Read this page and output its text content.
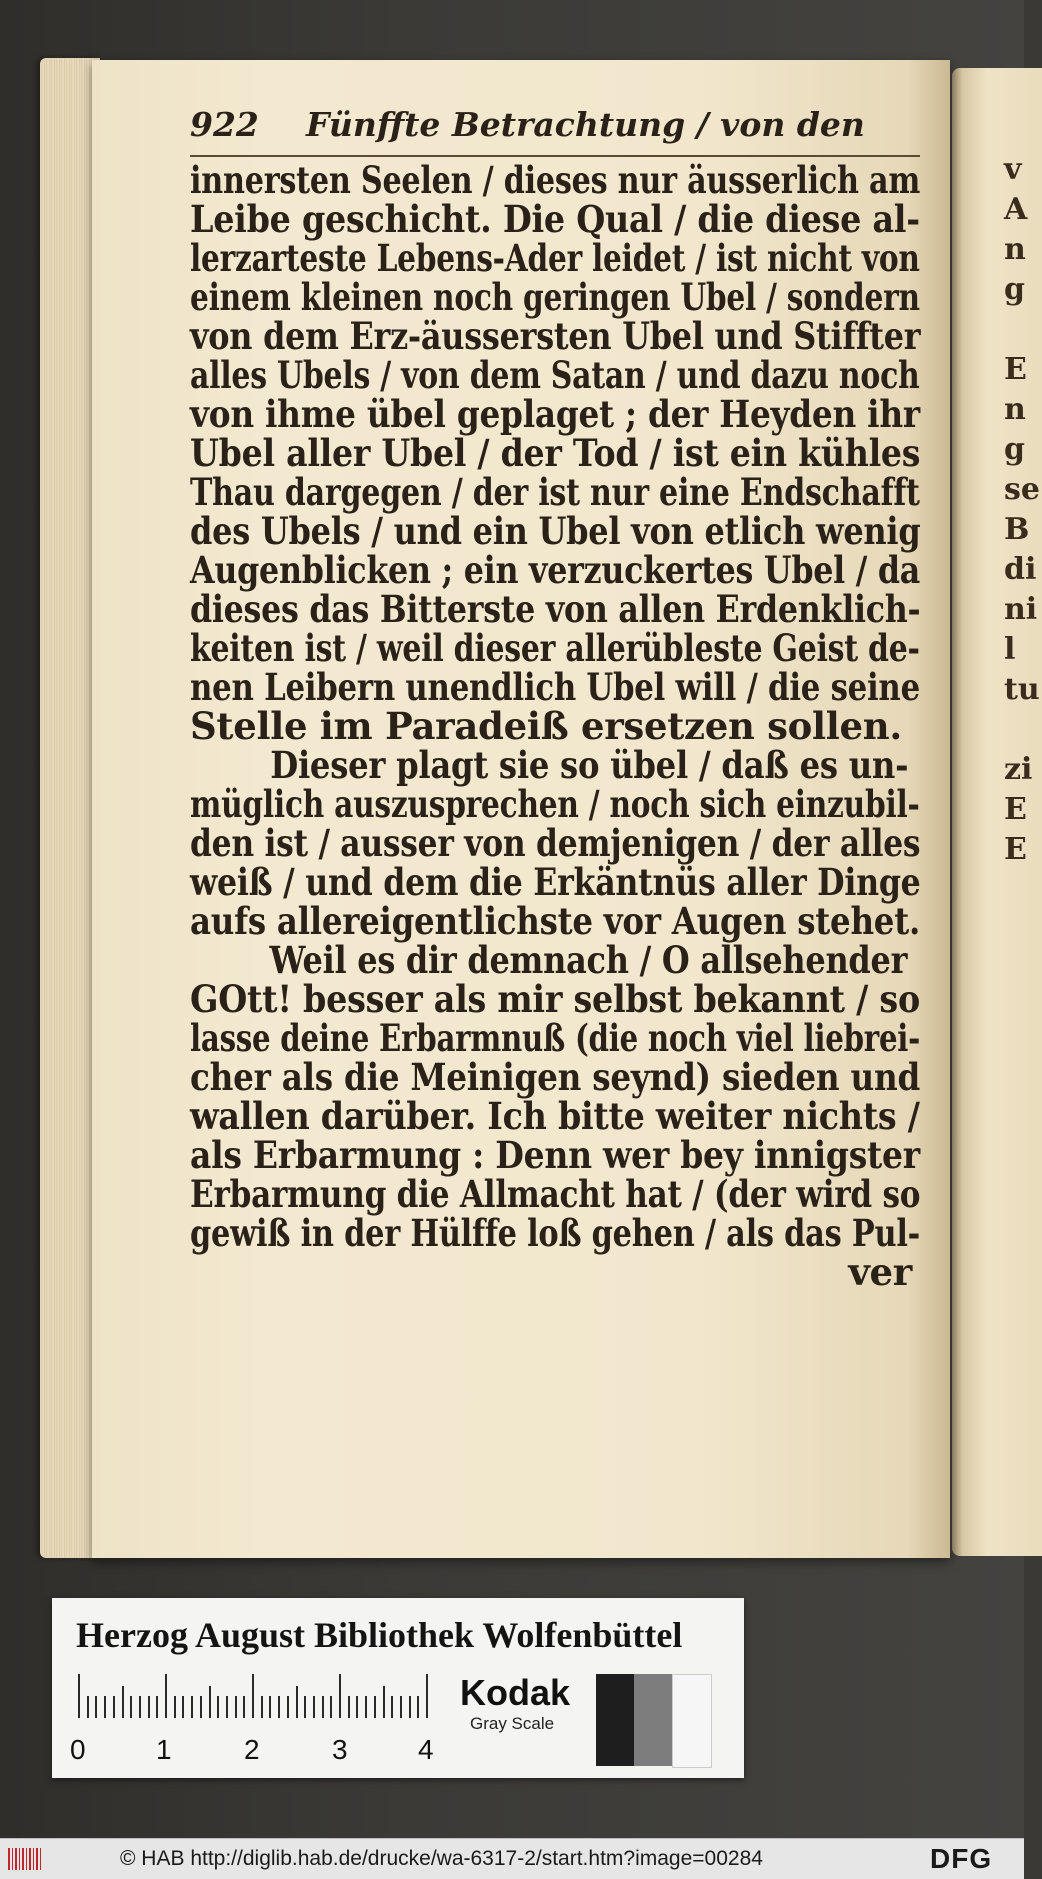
v
A
n
g

E
n
g
se
B
di
ni
l
tu

zi
E
E
922	Fünffte Betrachtung / von den
innersten Seelen / dieses nur äusserlich am
Leibe geschicht. Die Qual / die diese al-
lerzarteste Lebens-Ader leidet / ist nicht von
einem kleinen noch geringen Ubel / sondern
von dem Erz-äussersten Ubel und Stiffter
alles Ubels / von dem Satan / und dazu noch
von ihme übel geplaget ; der Heyden ihr
Ubel aller Ubel / der Tod / ist ein kühles
Thau dargegen / der ist nur eine Endschafft
des Ubels / und ein Ubel von etlich wenig
Augenblicken ; ein verzuckertes Ubel / da
dieses das Bitterste von allen Erdenklich-
keiten ist / weil dieser allerübleste Geist de-
nen Leibern unendlich Ubel will / die seine
Stelle im Paradeiß ersetzen sollen.
Dieser plagt sie so übel / daß es un-
müglich auszusprechen / noch sich einzubil-
den ist / ausser von demjenigen / der alles
weiß / und dem die Erkäntnüs aller Dinge
aufs allereigentlichste vor Augen stehet.
Weil es dir demnach / O allsehender
GOtt! besser als mir selbst bekannt / so
lasse deine Erbarmnuß (die noch viel liebrei-
cher als die Meinigen seynd) sieden und
wallen darüber. Ich bitte weiter nichts /
als Erbarmung : Denn wer bey innigster
Erbarmung die Allmacht hat / (der wird so
gewiß in der Hülffe loß gehen / als das Pul-
ver
Herzog August Bibliothek Wolfenbüttel
0	1	2	3	4
Kodak
Gray Scale
© HAB http://diglib.hab.de/drucke/wa-6317-2/start.htm?image=00284	DFG
